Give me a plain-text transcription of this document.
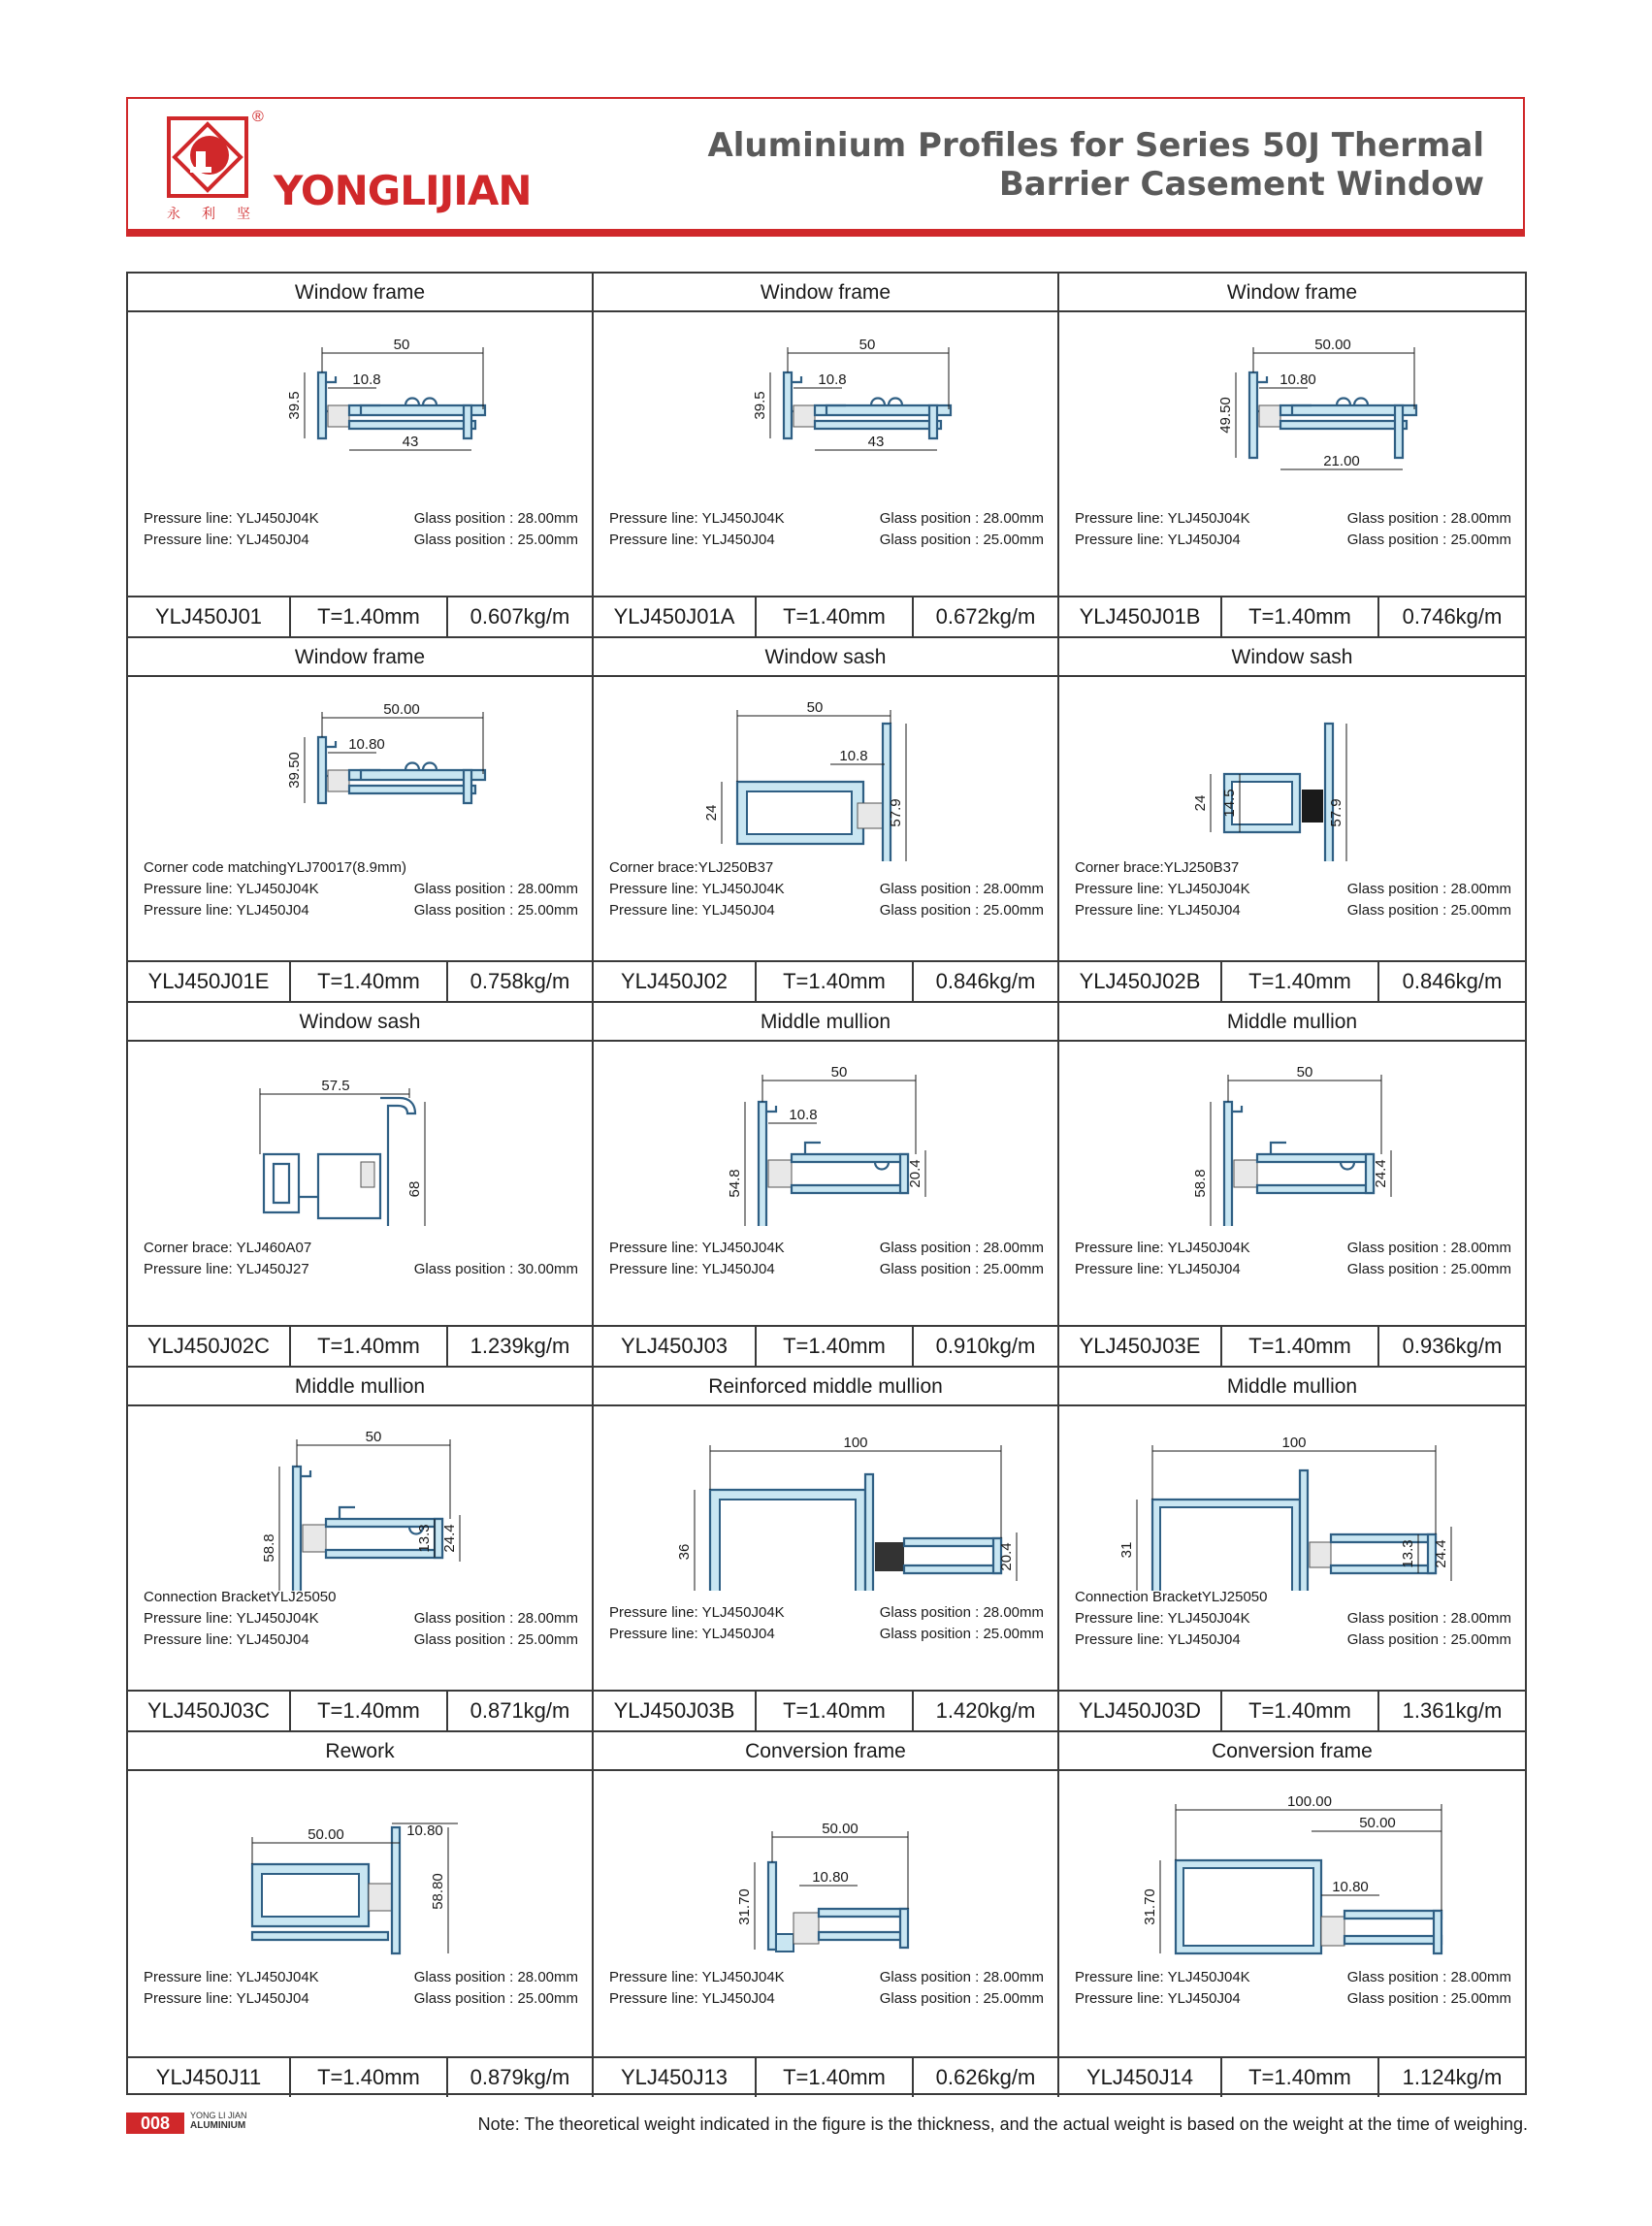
®
永 利 坚 YONGLIJIAN
Aluminium Profiles for Series 50J Thermal
Barrier Casement Window
Window frame
50
10.8
39.5
43
Pressure line: YLJ450J04K	Glass position : 28.00mm
Pressure line: YLJ450J04	Glass position : 25.00mm
YLJ450J01	T=1.40mm	0.607kg/m
Window frame
50
10.8
39.5
43
Pressure line: YLJ450J04K	Glass position : 28.00mm
Pressure line: YLJ450J04	Glass position : 25.00mm
YLJ450J01A	T=1.40mm	0.672kg/m
Window frame
50.00
10.80
49.50
21.00
Pressure line: YLJ450J04K	Glass position : 28.00mm
Pressure line: YLJ450J04	Glass position : 25.00mm
YLJ450J01B	T=1.40mm	0.746kg/m
Window frame
50.00
10.80
39.50
Corner code matchingYLJ70017(8.9mm)
Pressure line: YLJ450J04K	Glass position : 28.00mm
Pressure line: YLJ450J04	Glass position : 25.00mm
YLJ450J01E	T=1.40mm	0.758kg/m
Window sash
50
10.8
24	57.9
Corner brace:YLJ250B37
Pressure line: YLJ450J04K	Glass position : 28.00mm
Pressure line: YLJ450J04	Glass position : 25.00mm
YLJ450J02	T=1.40mm	0.846kg/m
Window sash
24 14.5	57.9
Corner brace:YLJ250B37
Pressure line: YLJ450J04K	Glass position : 28.00mm
Pressure line: YLJ450J04	Glass position : 25.00mm
YLJ450J02B	T=1.40mm	0.846kg/m
Window sash
57.5
68
Corner brace: YLJ460A07
Pressure line: YLJ450J27	Glass position : 30.00mm
YLJ450J02C	T=1.40mm	1.239kg/m
Middle mullion
50
10.8
54.8	20.4
Pressure line: YLJ450J04K	Glass position : 28.00mm
Pressure line: YLJ450J04	Glass position : 25.00mm
YLJ450J03	T=1.40mm	0.910kg/m
Middle mullion
50
58.8	24.4
Pressure line: YLJ450J04K	Glass position : 28.00mm
Pressure line: YLJ450J04	Glass position : 25.00mm
YLJ450J03E	T=1.40mm	0.936kg/m
Middle mullion
50
58.8	24.4
13.3
Connection BracketYLJ25050
Pressure line: YLJ450J04K	Glass position : 28.00mm
Pressure line: YLJ450J04	Glass position : 25.00mm
YLJ450J03C	T=1.40mm	0.871kg/m
Reinforced middle mullion
100
36	20.4
Pressure line: YLJ450J04K	Glass position : 28.00mm
Pressure line: YLJ450J04	Glass position : 25.00mm
YLJ450J03B	T=1.40mm	1.420kg/m
Middle mullion
100
31	13.3 24.4
Connection BracketYLJ25050
Pressure line: YLJ450J04K	Glass position : 28.00mm
Pressure line: YLJ450J04	Glass position : 25.00mm
YLJ450J03D	T=1.40mm	1.361kg/m
Rework
50.00	10.80
58.80
Pressure line: YLJ450J04K	Glass position : 28.00mm
Pressure line: YLJ450J04	Glass position : 25.00mm
YLJ450J11	T=1.40mm	0.879kg/m
Conversion frame
50.00
10.80
31.70
Pressure line: YLJ450J04K	Glass position : 28.00mm
Pressure line: YLJ450J04	Glass position : 25.00mm
YLJ450J13	T=1.40mm	0.626kg/m
Conversion frame
100.00
50.00
10.80
31.70
Pressure line: YLJ450J04K	Glass position : 28.00mm
Pressure line: YLJ450J04	Glass position : 25.00mm
YLJ450J14	T=1.40mm	1.124kg/m
008	YONG LI JIAN
ALUMINIUM	Note: The theoretical weight indicated in the figure is the thickness, and the actual weight is based on the weight at the time of weighing.
